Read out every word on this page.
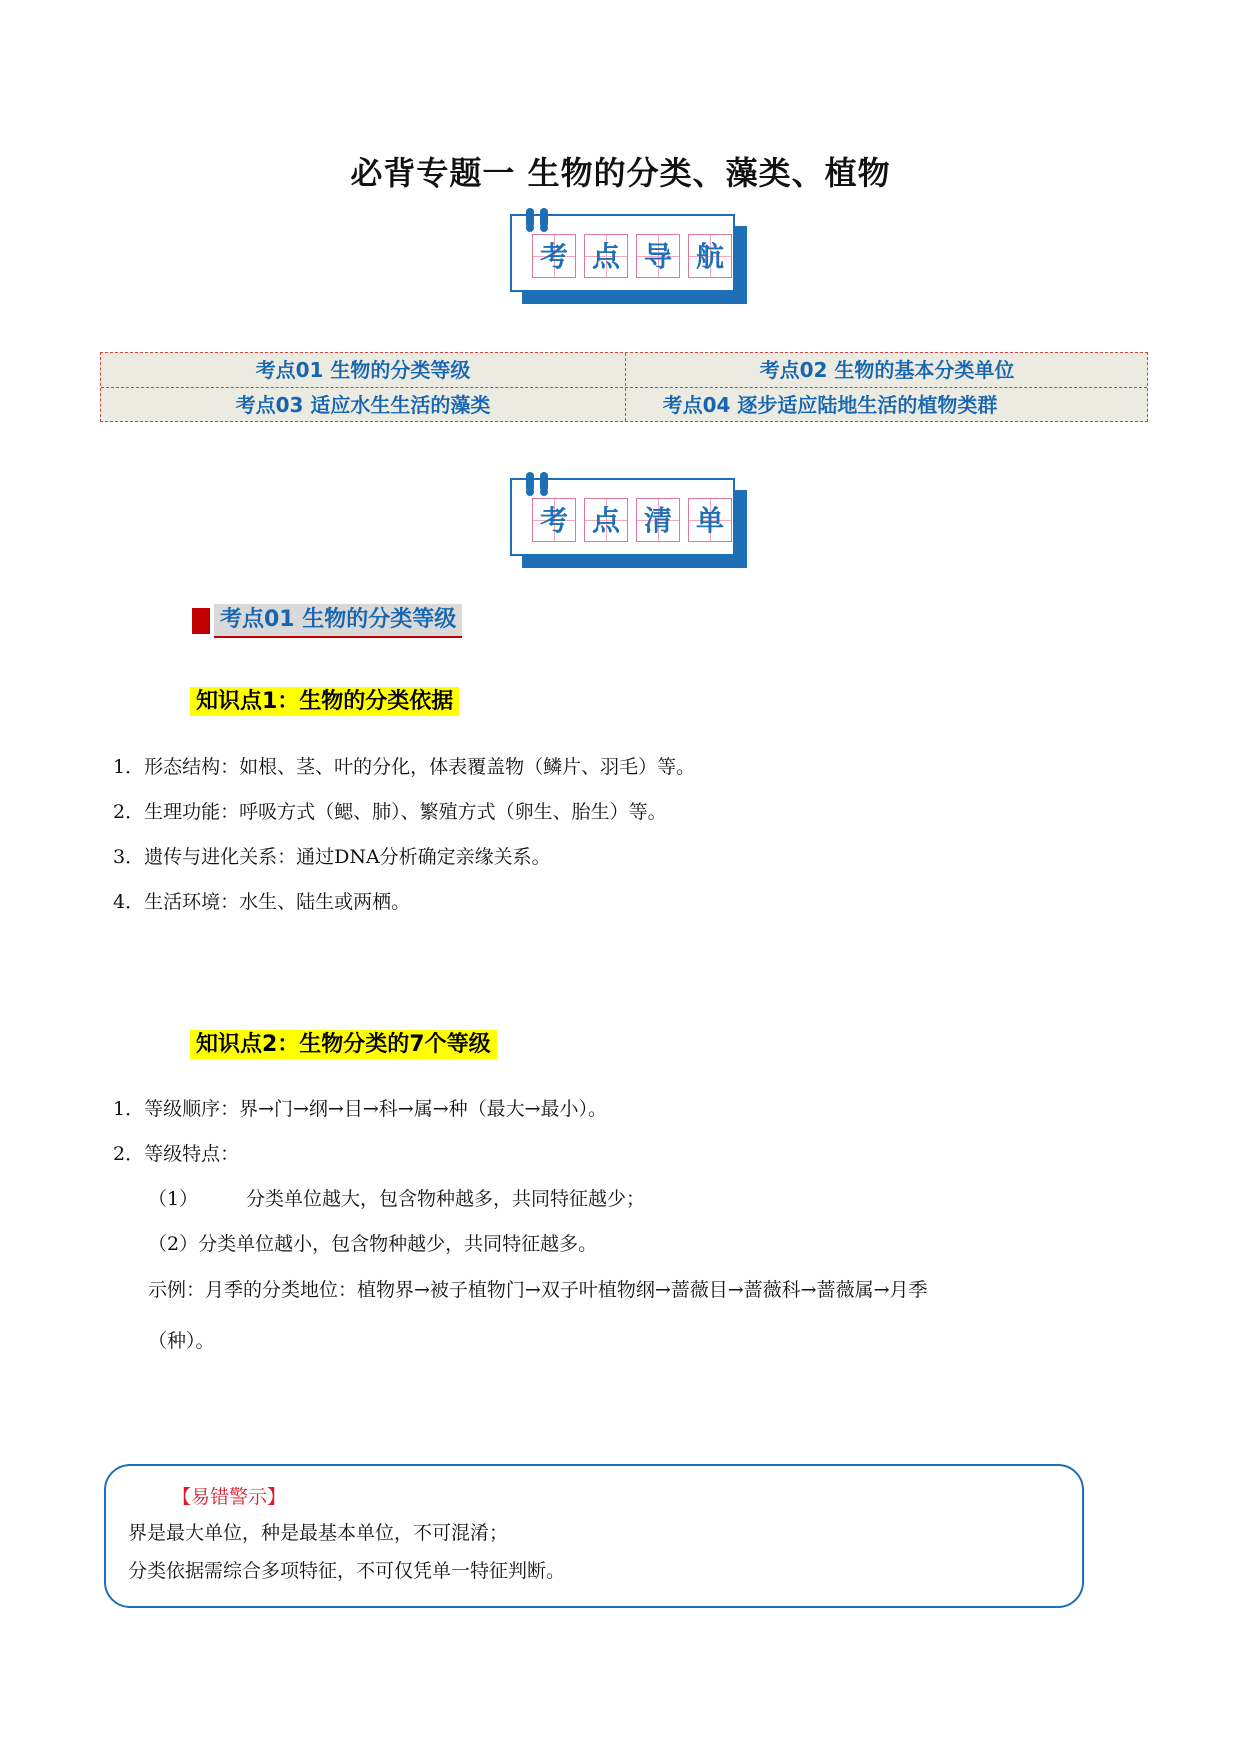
必背专题一 生物的分类、藻类、植物
考 点 导 航
考点01 生物的分类等级	考点02 生物的基本分类单位
考点03 适应水生生活的藻类	考点04 逐步适应陆地生活的植物类群
考 点 清 单
考点01 生物的分类等级
知识点1：生物的分类依据
1．形态结构：如根、茎、叶的分化，体表覆盖物（鳞片、羽毛）等。
2．生理功能：呼吸方式（鳃、肺）、繁殖方式（卵生、胎生）等。
3．遗传与进化关系：通过DNA分析确定亲缘关系。
4．生活环境：水生、陆生或两栖。
知识点2：生物分类的7个等级
1．等级顺序：界→门→纲→目→科→属→种（最大→最小）。
2．等级特点：
（1）	分类单位越大，包含物种越多，共同特征越少；
（2）分类单位越小，包含物种越少，共同特征越多。
示例：月季的分类地位：植物界→被子植物门→双子叶植物纲→蔷薇目→蔷薇科→蔷薇属→月季
（种）。
【易错警示】
界是最大单位，种是最基本单位，不可混淆；
分类依据需综合多项特征，不可仅凭单一特征判断。
